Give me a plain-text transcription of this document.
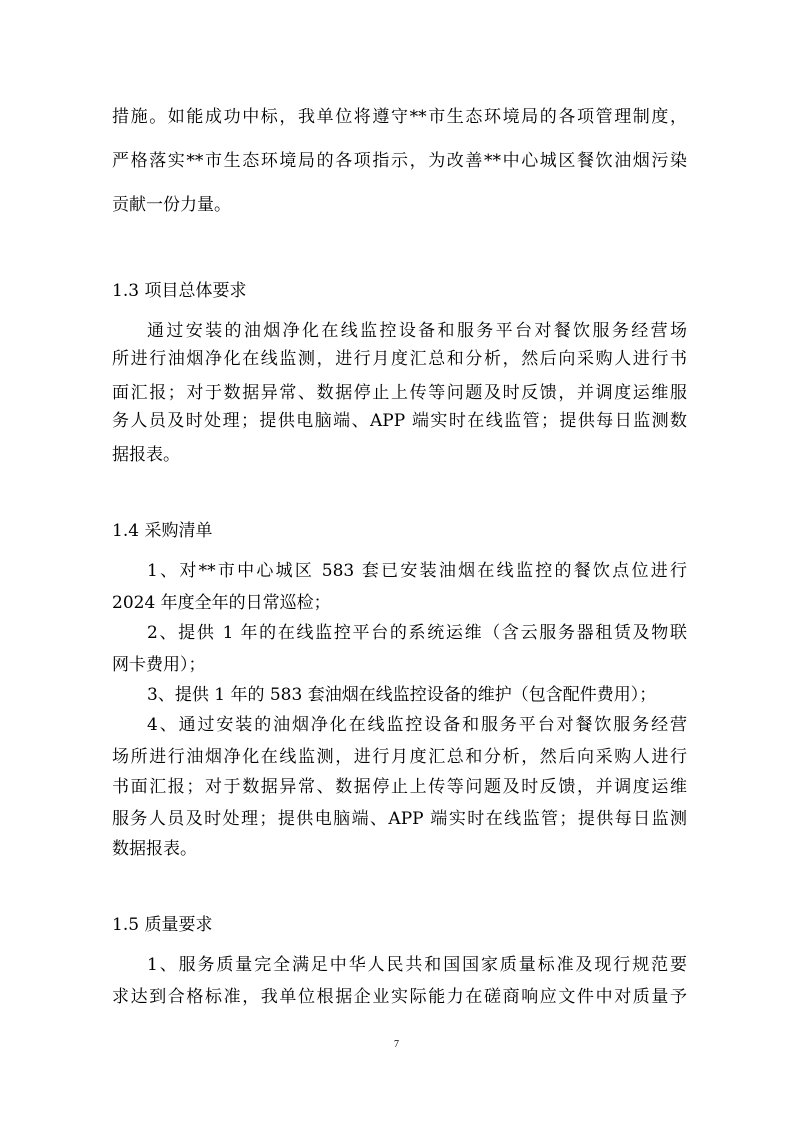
措施。如能成功中标，我单位将遵守**市生态环境局的各项管理制度，
严格落实**市生态环境局的各项指示，为改善**中心城区餐饮油烟污染
贡献一份力量。
1.3 项目总体要求
通过安装的油烟净化在线监控设备和服务平台对餐饮服务经营场
所进行油烟净化在线监测，进行月度汇总和分析，然后向采购人进行书
面汇报；对于数据异常、数据停止上传等问题及时反馈，并调度运维服
务人员及时处理；提供电脑端、APP 端实时在线监管；提供每日监测数
据报表。
1.4 采购清单
1、对**市中心城区 583 套已安装油烟在线监控的餐饮点位进行
2024 年度全年的日常巡检；
2、提供 1 年的在线监控平台的系统运维（含云服务器租赁及物联
网卡费用）；
3、提供 1 年的 583 套油烟在线监控设备的维护（包含配件费用）；
4、通过安装的油烟净化在线监控设备和服务平台对餐饮服务经营
场所进行油烟净化在线监测，进行月度汇总和分析，然后向采购人进行
书面汇报；对于数据异常、数据停止上传等问题及时反馈，并调度运维
服务人员及时处理；提供电脑端、APP 端实时在线监管；提供每日监测
数据报表。
1.5 质量要求
1、服务质量完全满足中华人民共和国国家质量标准及现行规范要
求达到合格标准，我单位根据企业实际能力在磋商响应文件中对质量予
7
